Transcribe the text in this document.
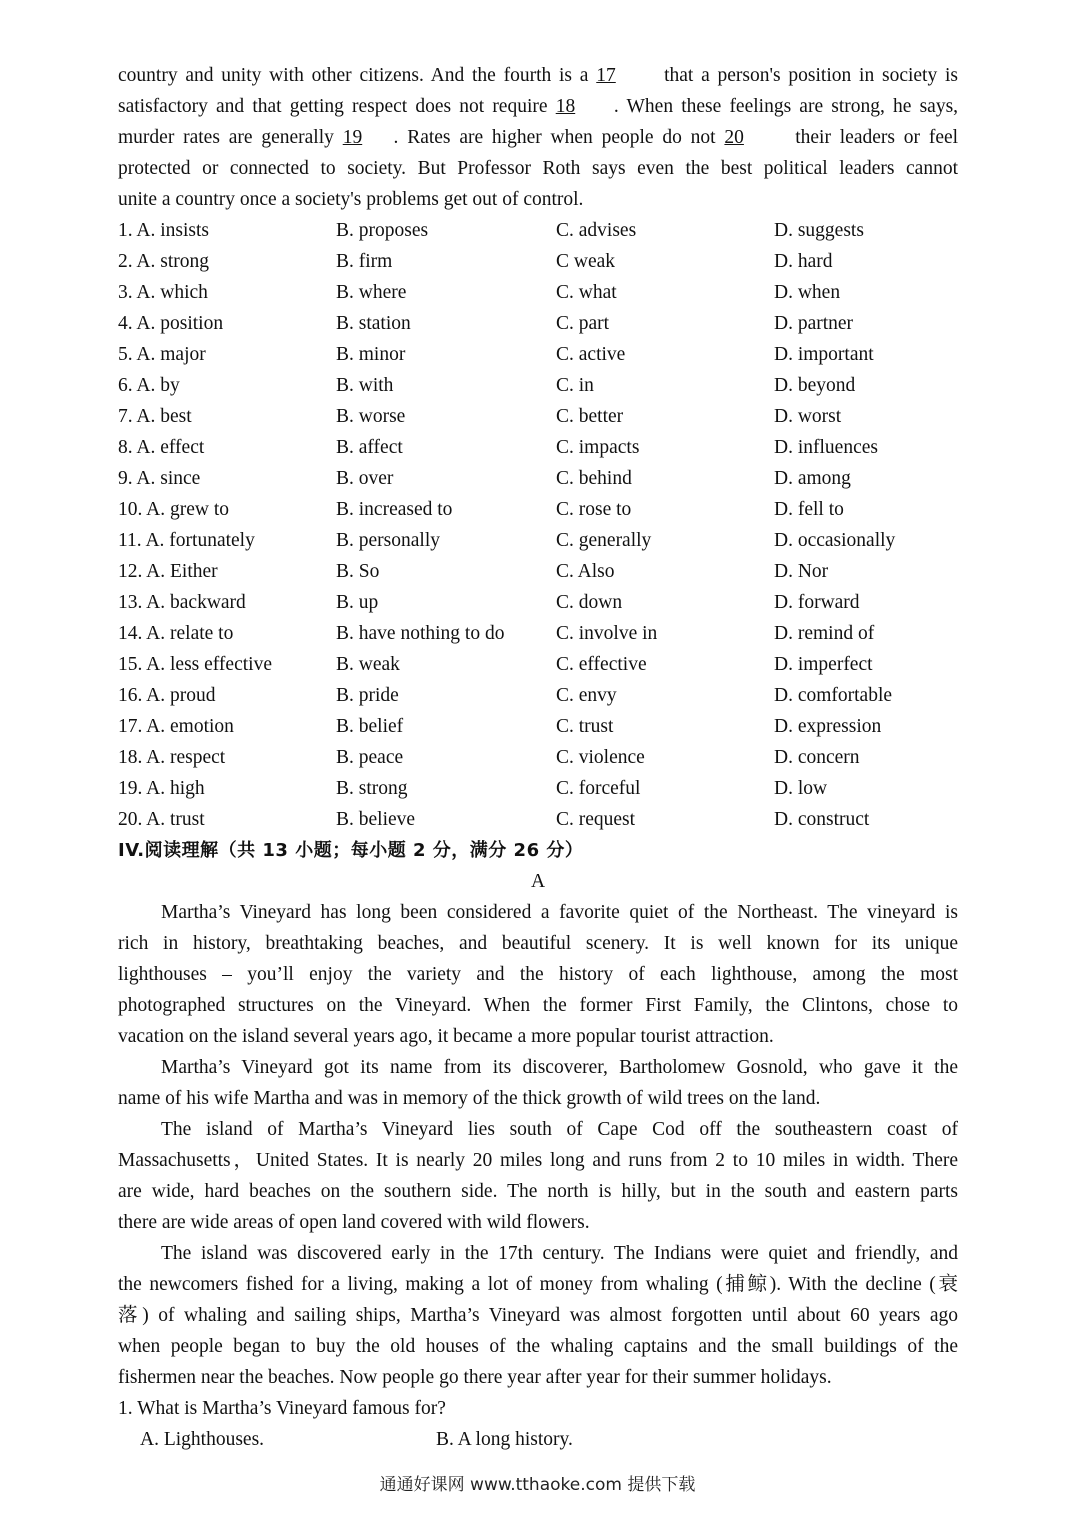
country and unity with other citizens. And the fourth is a 17 that a person's position in society is
satisfactory and that getting respect does not require 18 . When these feelings are strong, he says,
murder rates are generally 19 . Rates are higher when people do not 20	their leaders or feel
protected or connected to society. But Professor Roth says even the best political leaders cannot
unite a country once a society's problems get out of control.
1. A. insists	B. proposes	C. advises	D. suggests
2. A. strong	B. firm	C weak	D. hard
3. A. which	B. where	C. what	D. when
4. A. position	B. station	C. part	D. partner
5. A. major	B. minor	C. active	D. important
6. A. by	B. with	C. in	D. beyond
7. A. best	B. worse	C. better	D. worst
8. A. effect	B. affect	C. impacts	D. influences
9. A. since	B. over	C. behind	D. among
10. A. grew to	B. increased to	C. rose to	D. fell to
11. A. fortunately	B. personally	C. generally	D. occasionally
12. A. Either	B. So	C. Also	D. Nor
13. A. backward	B. up	C. down	D. forward
14. A. relate to	B. have nothing to do	C. involve in	D. remind of
15. A. less effective	B. weak	C. effective	D. imperfect
16. A. proud	B. pride	C. envy	D. comfortable
17. A. emotion	B. belief	C. trust	D. expression
18. A. respect	B. peace	C. violence	D. concern
19. A. high	B. strong	C. forceful	D. low
20. A. trust	B. believe	C. request	D. construct
IV.阅读理解（共 13 小题；每小题 2 分，满分 26 分）
A
Martha’s Vineyard has long been considered a favorite quiet of the Northeast. The vineyard is
rich in history, breathtaking beaches, and beautiful scenery. It is well known for its unique
lighthouses – you’ll enjoy the variety and the history of each lighthouse, among the most
photographed structures on the Vineyard. When the former First Family, the Clintons, chose to
vacation on the island several years ago, it became a more popular tourist attraction.
Martha’s Vineyard got its name from its discoverer, Bartholomew Gosnold, who gave it the
name of his wife Martha and was in memory of the thick growth of wild trees on the land.
The island of Martha’s Vineyard lies south of Cape Cod off the southeastern coast of
Massachusetts，United States. It is nearly 20 miles long and runs from 2 to 10 miles in width. There
are wide, hard beaches on the southern side. The north is hilly, but in the south and eastern parts
there are wide areas of open land covered with wild flowers.
The island was discovered early in the 17th century. The Indians were quiet and friendly, and
the newcomers fished for a living, making a lot of money from whaling (捕鲸). With the decline (衰
落) of whaling and sailing ships, Martha’s Vineyard was almost forgotten until about 60 years ago
when people began to buy the old houses of the whaling captains and the small buildings of the
fishermen near the beaches. Now people go there year after year for their summer holidays.
1. What is Martha’s Vineyard famous for?
A. Lighthouses.	B. A long history.
通通好课网 www.tthaoke.com 提供下载
